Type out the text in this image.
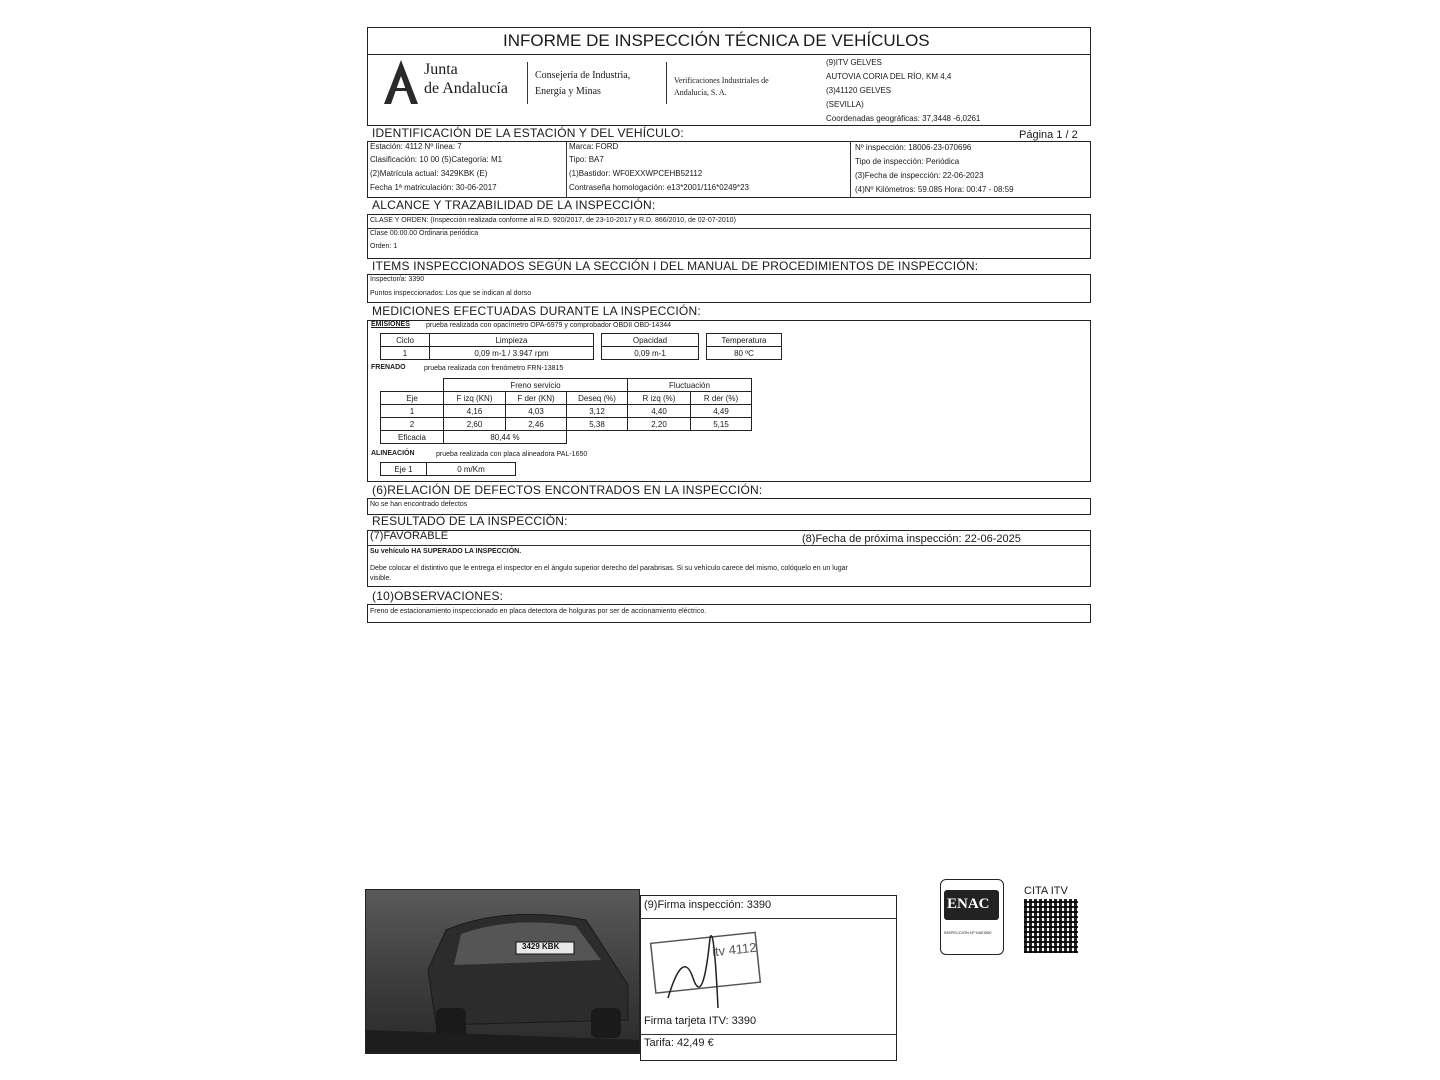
INFORME DE INSPECCIÓN TÉCNICA DE VEHÍCULOS
Junta
de Andalucía
Consejería de Industria,
Energía y Minas
Verificaciones Industriales de
Andalucía, S. A.
(9)ITV GELVES
AUTOVIA CORIA DEL RÍO, KM 4,4
(3)41120 GELVES
(SEVILLA)
Coordenadas geográficas: 37,3448 -6,0261
IDENTIFICACIÓN DE LA ESTACIÓN Y DEL VEHÍCULO:	Página 1 / 2
Estación: 4112 Nº línea: 7
Clasificación: 10 00 (5)Categoría: M1
(2)Matrícula actual: 3429KBK (E)
Fecha 1ª matriculación: 30-06-2017
Marca: FORD
Tipo: BA7
(1)Bastidor: WF0EXXWPCEHB52112
Contraseña homologación: e13*2001/116*0249*23
Nº inspección: 18006-23-070696
Tipo de inspección: Periódica
(3)Fecha de inspección: 22-06-2023
(4)Nº Kilómetros: 59.085 Hora: 00:47 - 08:59
ALCANCE Y TRAZABILIDAD DE LA INSPECCIÓN:
CLASE Y ORDEN: (Inspección realizada conforme al R.D. 920/2017, de 23-10-2017 y R.D. 866/2010, de 02-07-2010)
Clase 00.00.00 Ordinaria periódica
Orden: 1
ITEMS INSPECCIONADOS SEGÚN LA SECCIÓN I DEL MANUAL DE PROCEDIMIENTOS DE INSPECCIÓN:
Inspector/a: 3390
Puntos inspeccionados: Los que se indican al dorso
MEDICIONES EFECTUADAS DURANTE LA INSPECCIÓN:
EMISIONES prueba realizada con opacímetro OPA-6979 y comprobador OBDII OBD-14344
Ciclo	Limpieza
1	0,09 m-1 / 3.947 rpm
Opacidad
0,09 m-1
Temperatura
80 ºC
FRENADO	prueba realizada con frenómetro FRN-13815
	Freno servicio			Fluctuación	
Eje	F izq (KN)	F der (KN)	Deseq (%)	R izq (%)	R der (%)
1	4,16	4,03	3,12	4,40	4,49
2	2,60	2,46	5,38	2,20	5,15
Eficacia	80,44 %				
ALINEACIÓN	prueba realizada con placa alineadora PAL-1650
Eje 1	0 m/Km
(6)RELACIÓN DE DEFECTOS ENCONTRADOS EN LA INSPECCIÓN:
No se han encontrado defectos
RESULTADO DE LA INSPECCIÓN:
(7)FAVORABLE	(8)Fecha de próxima inspección: 22-06-2025
Su vehículo HA SUPERADO LA INSPECCIÓN.
Debe colocar el distintivo que le entrega el inspector en el ángulo superior derecho del parabrisas. Si su vehículo carece del mismo, colóquelo en un lugar
visible.
(10)OBSERVACIONES:
Freno de estacionamiento inspeccionado en placa detectora de holguras por ser de accionamiento eléctrico.
3429 KBK
(9)Firma inspección: 3390
itv 4112
Firma tarjeta ITV: 3390
Tarifa: 42,49 €
ENAC
INSPECCIÓN Nº 54/EI050
CITA ITV
